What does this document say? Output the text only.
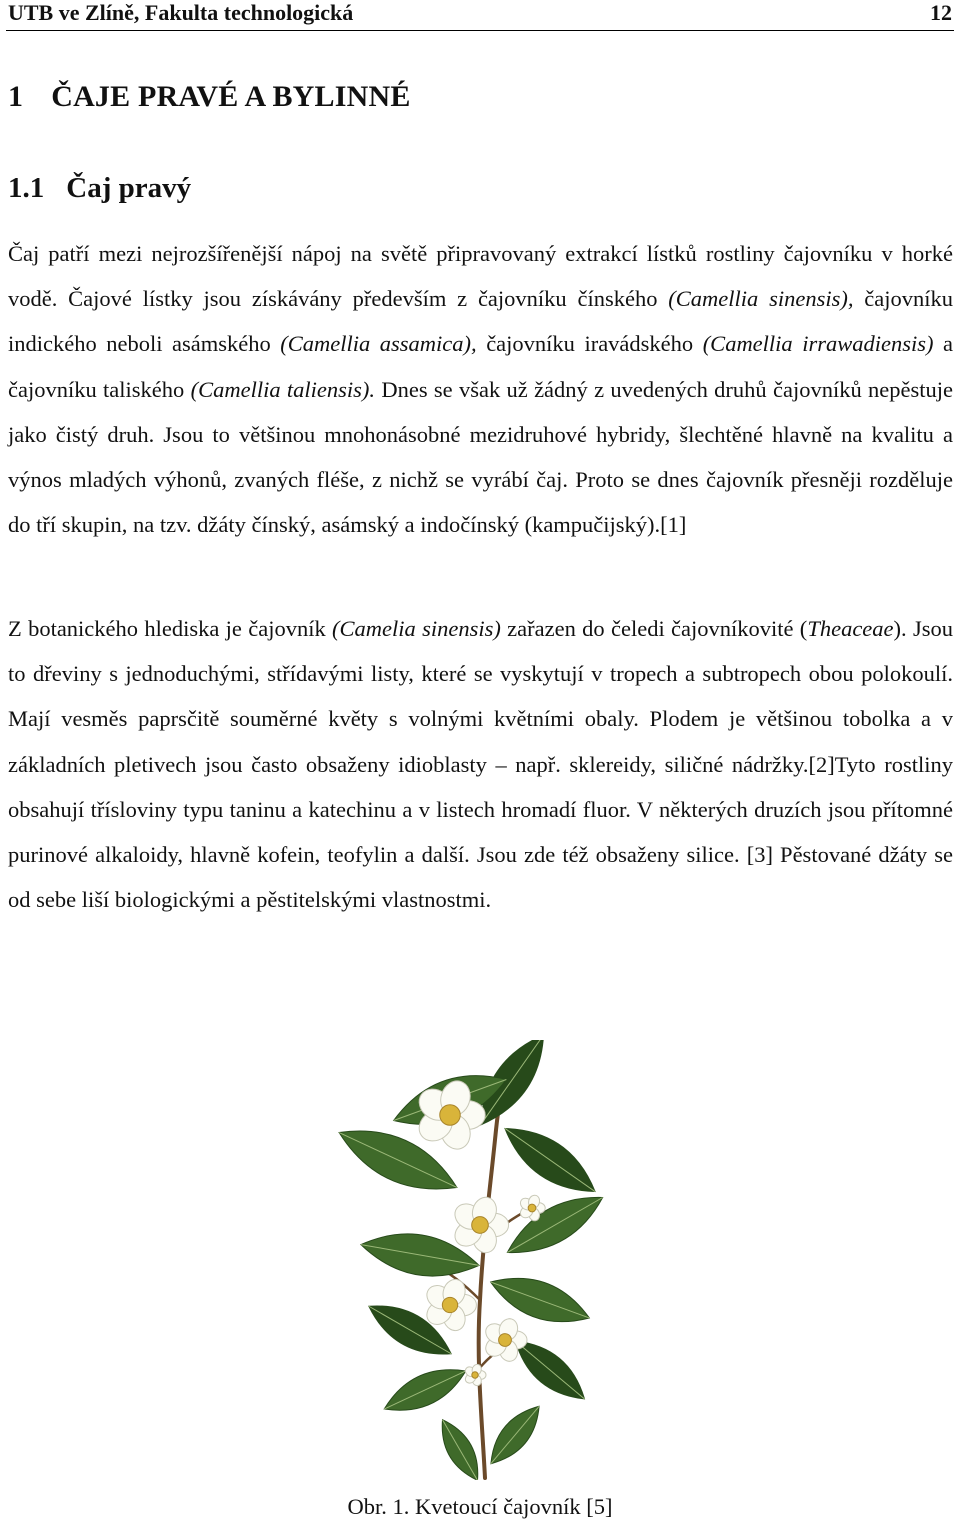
UTB ve Zlíně, Fakulta technologická	12
1 ČAJE PRAVÉ A BYLINNÉ
1.1 Čaj pravý
Čaj patří mezi nejrozšířenější nápoj na světě připravovaný extrakcí lístků rostliny čajovníku v horké vodě. Čajové lístky jsou získávány především z čajovníku čínského (Camellia sinensis), čajovníku indického neboli asámského (Camellia assamica), čajovníku iravádského (Camellia irrawadiensis) a čajovníku taliského (Camellia taliensis). Dnes se však už žádný z uvedených druhů čajovníků nepěstuje jako čistý druh. Jsou to většinou mnohonásobné mezidruhové hybridy, šlechtěné hlavně na kvalitu a výnos mladých výhonů, zvaných fléše, z nichž se vyrábí čaj. Proto se dnes čajovník přesněji rozděluje do tří skupin, na tzv. džáty čínský, asámský a indočínský (kampučijský).[1]
Z botanického hlediska je čajovník (Camelia sinensis) zařazen do čeledi čajovníkovité (Theaceae). Jsou to dřeviny s jednoduchými, střídavými listy, které se vyskytují v tropech a subtropech obou polokoulí. Mají vesměs paprsčitě souměrné květy s volnými květními obaly. Plodem je většinou tobolka a v základních pletivech jsou často obsaženy idioblasty – např. sklereidy, siličné nádržky.[2]Tyto rostliny obsahují třísloviny typu taninu a katechinu a v listech hromadí fluor. V některých druzích jsou přítomné purinové alkaloidy, hlavně kofein, teofylin a další. Jsou zde též obsaženy silice. [3] Pěstované džáty se od sebe liší biologickými a pěstitelskými vlastnostmi.
Obr. 1. Kvetoucí čajovník [5]
